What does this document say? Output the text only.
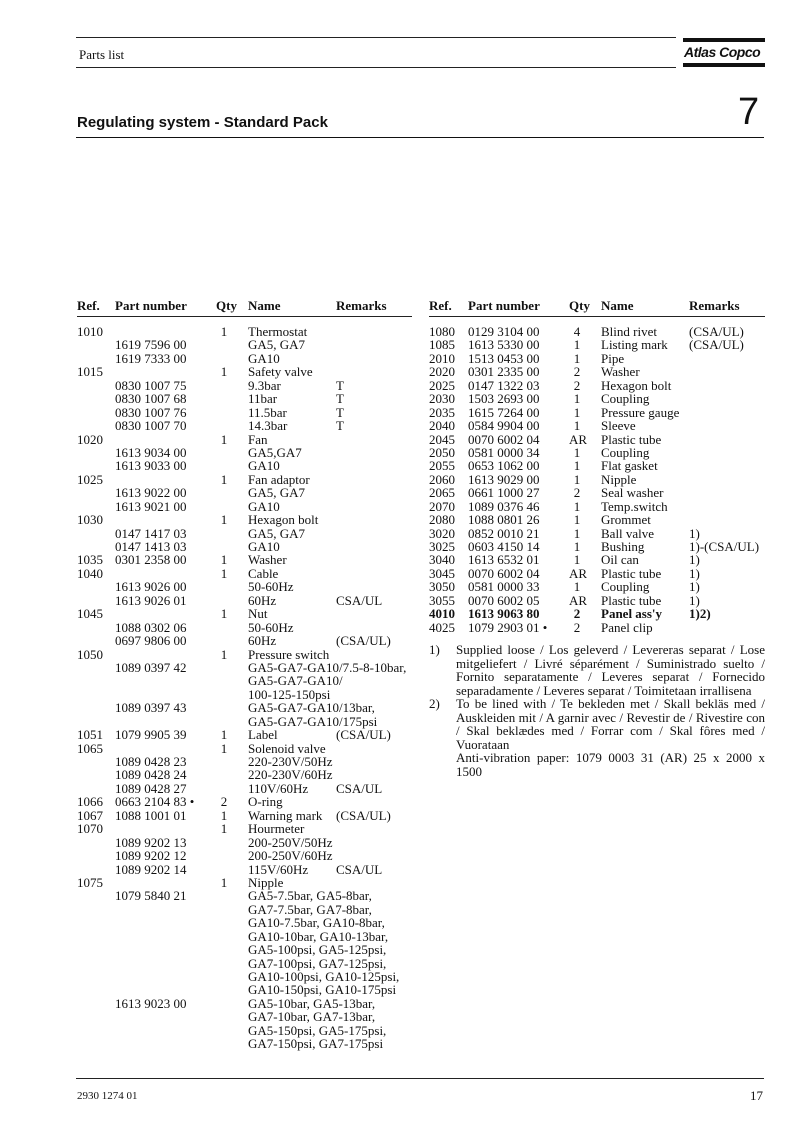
Parts list	Atlas Copco
Regulating system - Standard Pack	7
Ref. Part number Qty Name	Remarks
1010	1 Thermostat
1619 7596 00	GA5, GA7
1619 7333 00	GA10
1015	1 Safety valve
0830 1007 75	9.3bar	T
0830 1007 68	11bar	T
0830 1007 76	11.5bar	T
0830 1007 70	14.3bar	T
1020	1 Fan
1613 9034 00	GA5,GA7
1613 9033 00	GA10
1025	1 Fan adaptor
1613 9022 00	GA5, GA7
1613 9021 00	GA10
1030	1 Hexagon bolt
0147 1417 03	GA5, GA7
0147 1413 03	GA10
1035 0301 2358 00	1 Washer
1040	1 Cable
1613 9026 00	50-60Hz
1613 9026 01	60Hz	CSA/UL
1045	1 Nut
1088 0302 06	50-60Hz
0697 9806 00	60Hz	(CSA/UL)
1050	1 Pressure switch
1089 0397 42	GA5-GA7-GA10/7.5-8-10bar,
GA5-GA7-GA10/
100-125-150psi
1089 0397 43	GA5-GA7-GA10/13bar,
GA5-GA7-GA10/175psi
1051 1079 9905 39	1 Label	(CSA/UL)
1065	1 Solenoid valve
1089 0428 23	220-230V/50Hz
1089 0428 24	220-230V/60Hz
1089 0428 27	110V/60Hz CSA/UL
1066 0663 2104 83 • 2 O-ring
1067 1088 1001 01	1 Warning mark (CSA/UL)
1070	1 Hourmeter
1089 9202 13	200-250V/50Hz
1089 9202 12	200-250V/60Hz
1089 9202 14	115V/60Hz CSA/UL
1075	1 Nipple
1079 5840 21	GA5-7.5bar, GA5-8bar,
GA7-7.5bar, GA7-8bar,
GA10-7.5bar, GA10-8bar,
GA10-10bar, GA10-13bar,
GA5-100psi, GA5-125psi,
GA7-100psi, GA7-125psi,
GA10-100psi, GA10-125psi,
GA10-150psi, GA10-175psi
1613 9023 00	GA5-10bar, GA5-13bar,
GA7-10bar, GA7-13bar,
GA5-150psi, GA5-175psi,
GA7-150psi, GA7-175psi
Ref. Part number Qty Name	Remarks
1080 0129 3104 00	4	Blind rivet (CSA/UL)
1085 1613 5330 00	1	Listing mark (CSA/UL)
2010 1513 0453 00	1	Pipe
2020 0301 2335 00	2	Washer
2025 0147 1322 03	2	Hexagon bolt
2030 1503 2693 00	1	Coupling
2035 1615 7264 00	1	Pressure gauge
2040 0584 9904 00	1	Sleeve
2045 0070 6002 04 AR Plastic tube
2050 0581 0000 34	1	Coupling
2055 0653 1062 00	1	Flat gasket
2060 1613 9029 00	1	Nipple
2065 0661 1000 27	2	Seal washer
2070 1089 0376 46	1	Temp.switch
2080 1088 0801 26	1	Grommet
3020 0852 0010 21	1	Ball valve	1)
3025 0603 4150 14	1	Bushing	1)-(CSA/UL)
3040 1613 6532 01	1	Oil can	1)
3045 0070 6002 04 AR Plastic tube 1)
3050 0581 0000 33	1	Coupling	1)
3055 0070 6002 05 AR Plastic tube 1)
4010 1613 9063 80	2	Panel ass'y 1)2)
4025 1079 2903 01 •	2	Panel clip
1) Supplied loose / Los geleverd / Levereras separat / Lose mitgeliefert / Livré séparément / Suministrado suelto / Fornito separatamente / Leveres separat / Fornecido separadamente / Leveres separat / Toimitetaan irrallisena
2) To be lined with / Te bekleden met / Skall bekläs med / Auskleiden mit / A garnir avec / Revestir de / Rivestire con / Skal beklædes med / Forrar com / Skal fôres med / Vuorataan
Anti-vibration paper: 1079 0003 31 (AR) 25 x 2000 x 1500
2930 1274 01	17
